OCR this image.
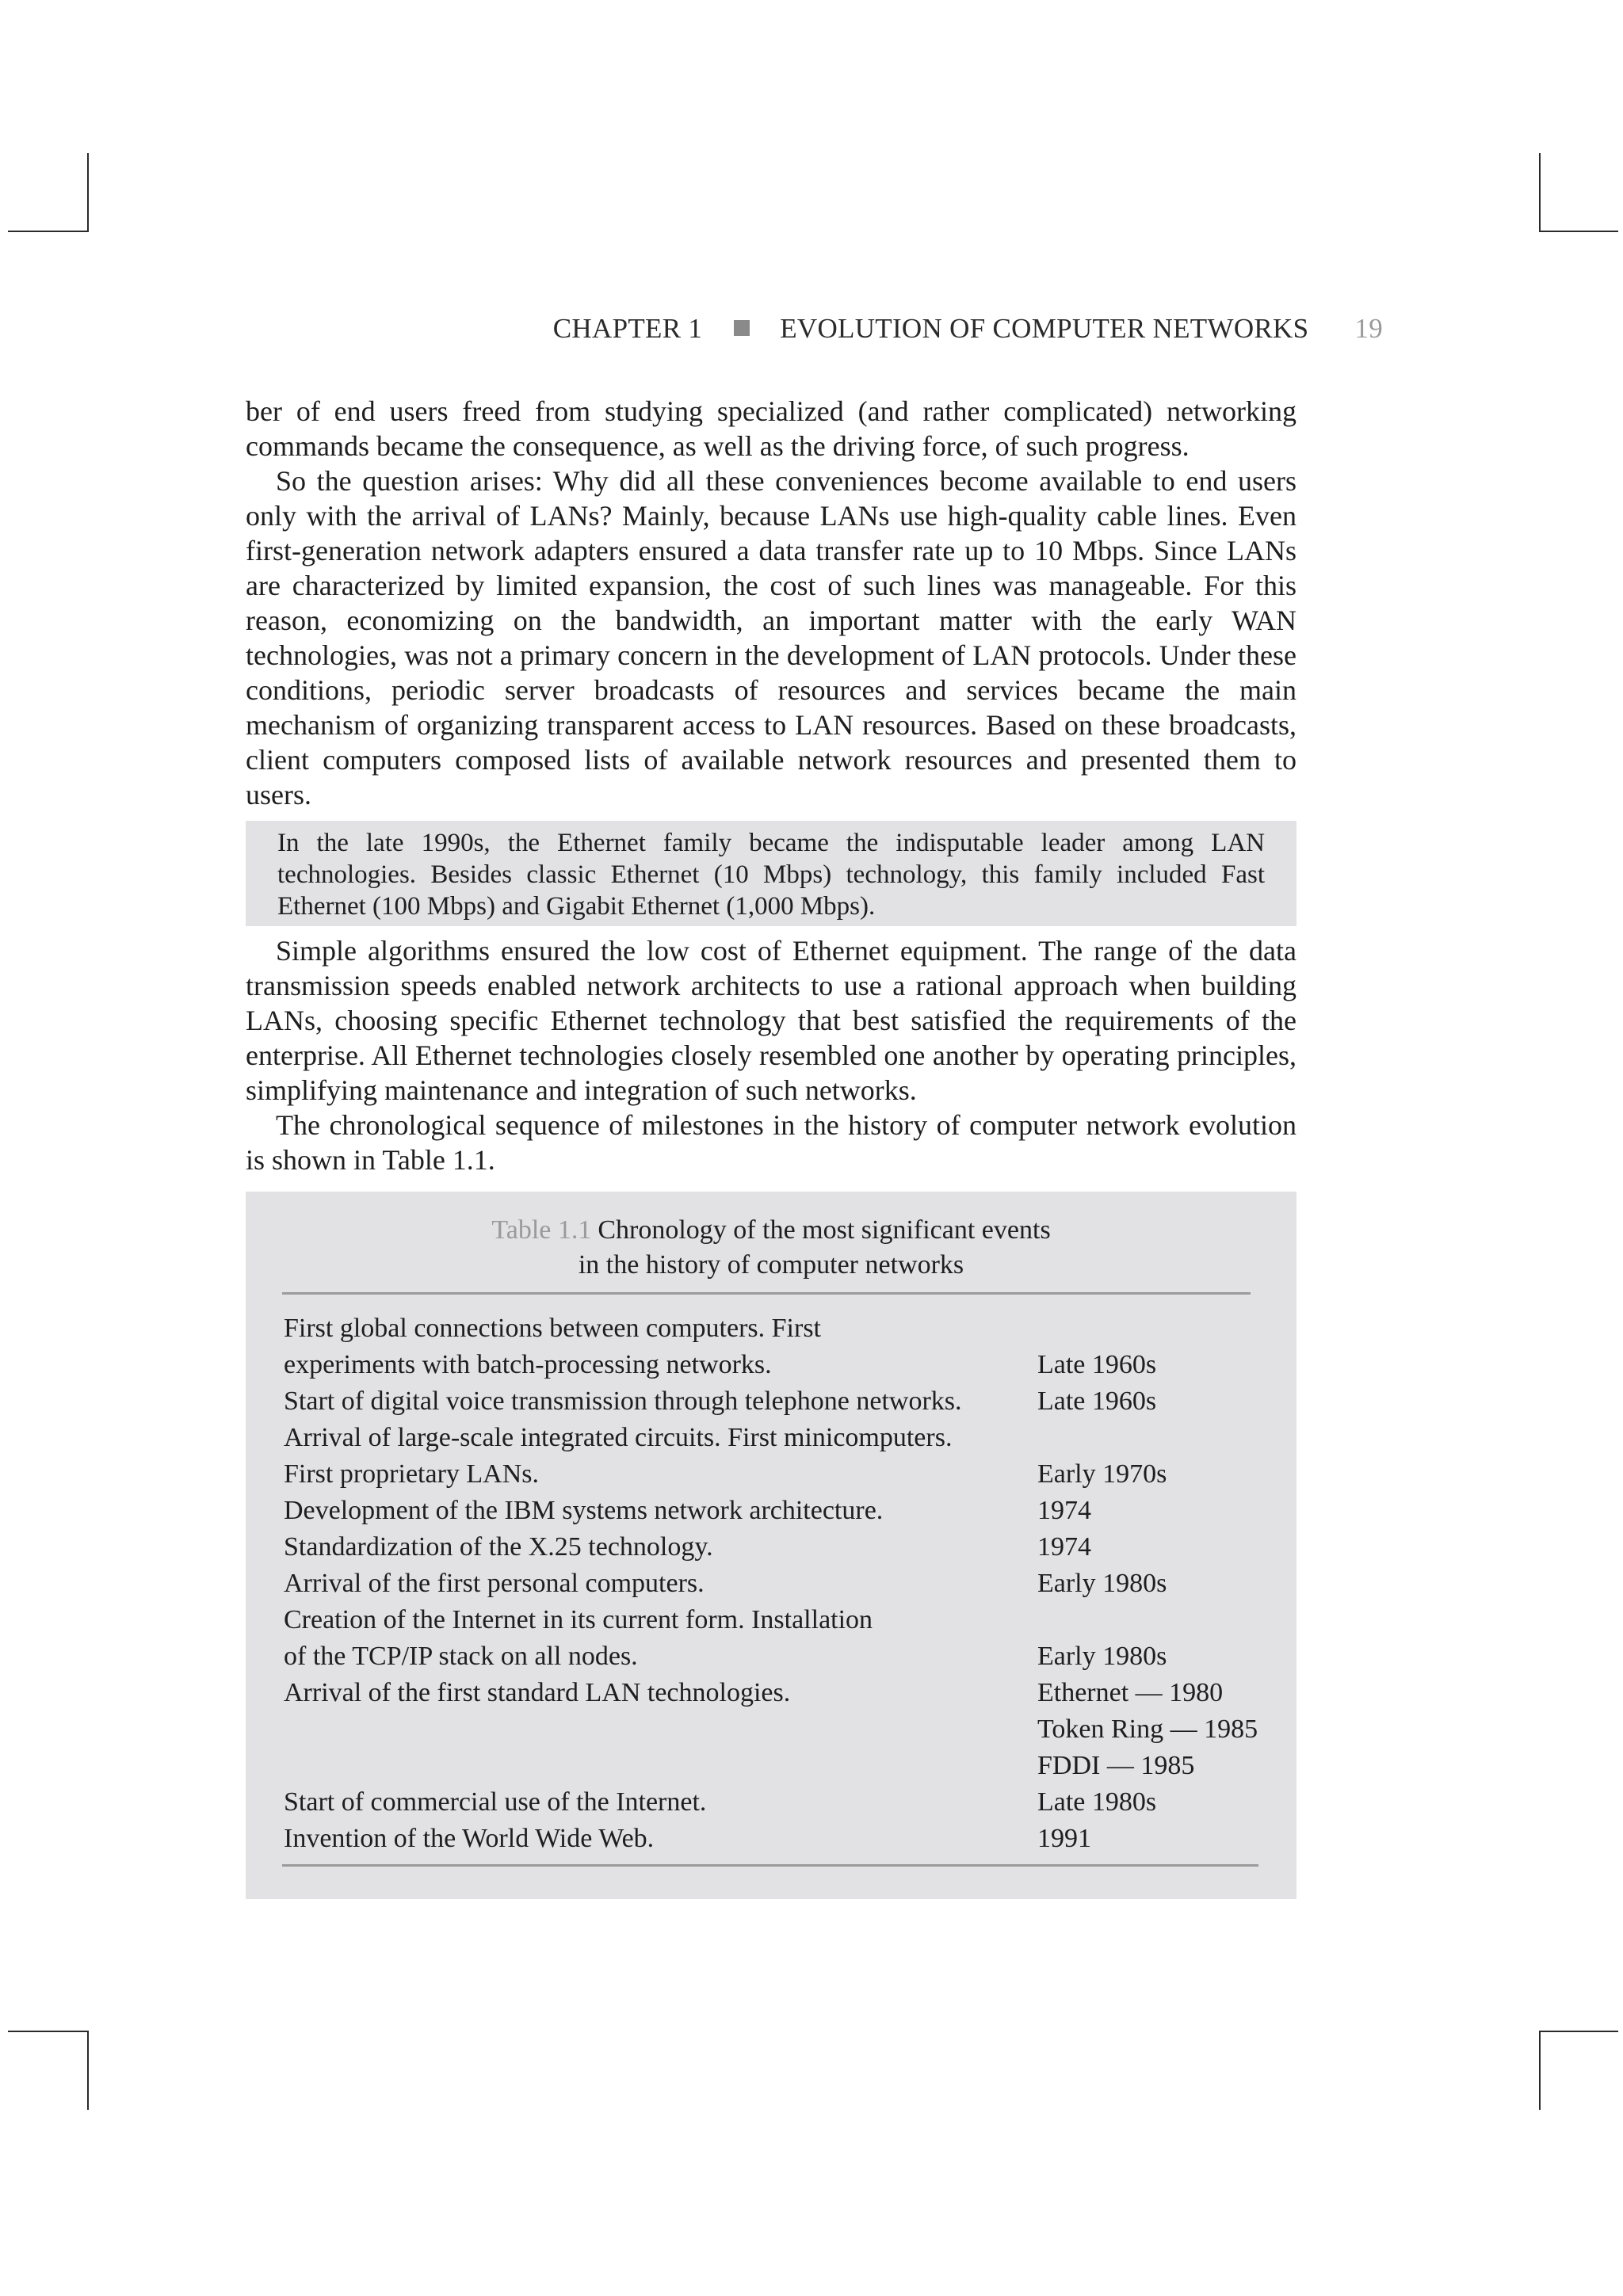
CHAPTER 1	EVOLUTION OF COMPUTER NETWORKS 19

ber of end users freed from studying specialized (and rather complicated) networking commands became the consequence, as well as the driving force, of such progress.

So the question arises: Why did all these conveniences become available to end users only with the arrival of LANs? Mainly, because LANs use high-quality cable lines. Even first-generation network adapters ensured a data transfer rate up to 10 Mbps. Since LANs are characterized by limited expansion, the cost of such lines was manageable. For this reason, economizing on the bandwidth, an important matter with the early WAN technologies, was not a primary concern in the development of LAN protocols. Under these conditions, periodic server broadcasts of resources and services became the main mechanism of organizing transparent access to LAN resources. Based on these broadcasts, client computers composed lists of available network resources and presented them to users.

In the late 1990s, the Ethernet family became the indisputable leader among LAN technologies. Besides classic Ethernet (10 Mbps) technology, this family included Fast Ethernet (100 Mbps) and Gigabit Ethernet (1,000 Mbps).

Simple algorithms ensured the low cost of Ethernet equipment. The range of the data transmission speeds enabled network architects to use a rational approach when building LANs, choosing specific Ethernet technology that best satisfied the requirements of the enterprise. All Ethernet technologies closely resembled one another by operating principles, simplifying maintenance and integration of such networks.

The chronological sequence of milestones in the history of computer network evolution is shown in Table 1.1.

Table 1.1 Chronology of the most significant events
in the history of computer networks
First global connections between computers. First
experiments with batch-processing networks.	Late 1960s
Start of digital voice transmission through telephone networks.	Late 1960s
Arrival of large-scale integrated circuits. First minicomputers.
First proprietary LANs.	Early 1970s
Development of the IBM systems network architecture.	1974
Standardization of the X.25 technology.	1974
Arrival of the first personal computers.	Early 1980s
Creation of the Internet in its current form. Installation
of the TCP/IP stack on all nodes.	Early 1980s
Arrival of the first standard LAN technologies.	Ethernet — 1980
Token Ring — 1985
FDDI — 1985
Start of commercial use of the Internet.	Late 1980s
Invention of the World Wide Web.	1991
